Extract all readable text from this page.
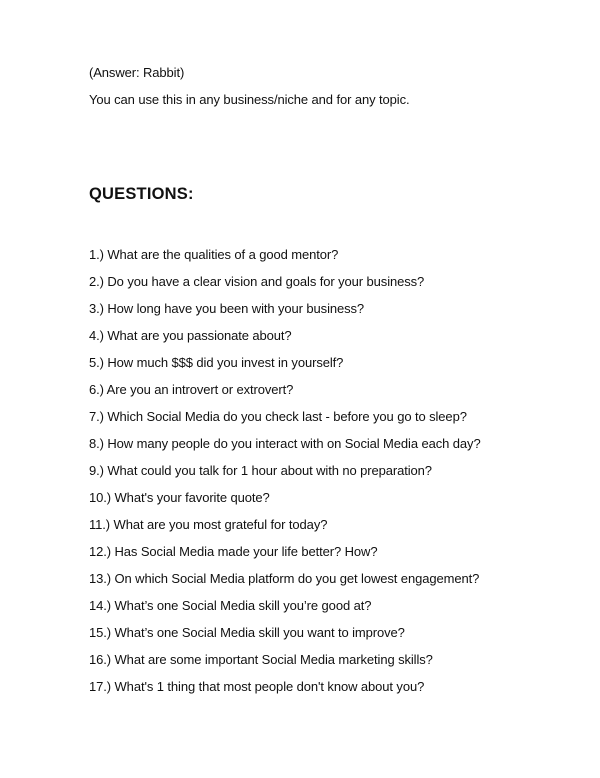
(Answer: Rabbit)
You can use this in any business/niche and for any topic.
QUESTIONS:
1.) What are the qualities of a good mentor?
2.) Do you have a clear vision and goals for your business?
3.) How long have you been with your business?
4.) What are you passionate about?
5.) How much $$$ did you invest in yourself?
6.) Are you an introvert or extrovert?
7.) Which Social Media do you check last - before you go to sleep?
8.) How many people do you interact with on Social Media each day?
9.) What could you talk for 1 hour about with no preparation?
10.) What's your favorite quote?
11.) What are you most grateful for today?
12.) Has Social Media made your life better? How?
13.) On which Social Media platform do you get lowest engagement?
14.) What’s one Social Media skill you’re good at?
15.) What’s one Social Media skill you want to improve?
16.) What are some important Social Media marketing skills?
17.) What's 1 thing that most people don't know about you?
